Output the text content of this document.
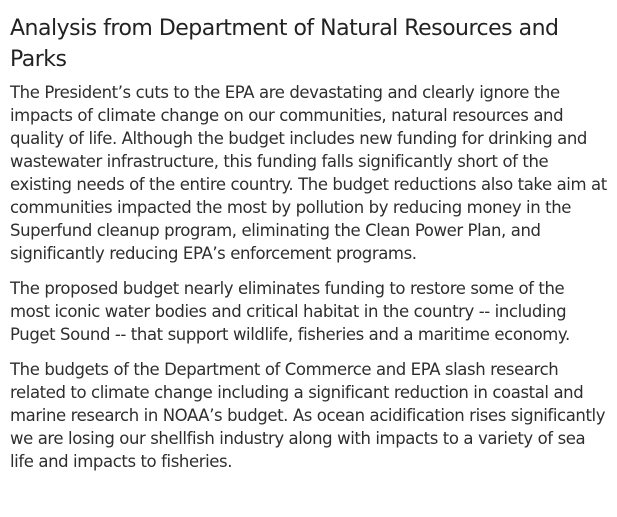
Analysis from Department of Natural Resources and Parks

The President’s cuts to the EPA are devastating and clearly ignore the impacts of climate change on our communities, natural resources and quality of life. Although the budget includes new funding for drinking and wastewater infrastructure, this funding falls significantly short of the existing needs of the entire country. The budget reductions also take aim at communities impacted the most by pollution by reducing money in the Superfund cleanup program, eliminating the Clean Power Plan, and significantly reducing EPA’s enforcement programs.

The proposed budget nearly eliminates funding to restore some of the most iconic water bodies and critical habitat in the country -- including Puget Sound -- that support wildlife, fisheries and a maritime economy.

The budgets of the Department of Commerce and EPA slash research related to climate change including a significant reduction in coastal and marine research in NOAA’s budget. As ocean acidification rises significantly we are losing our shellfish industry along with impacts to a variety of sea life and impacts to fisheries.
